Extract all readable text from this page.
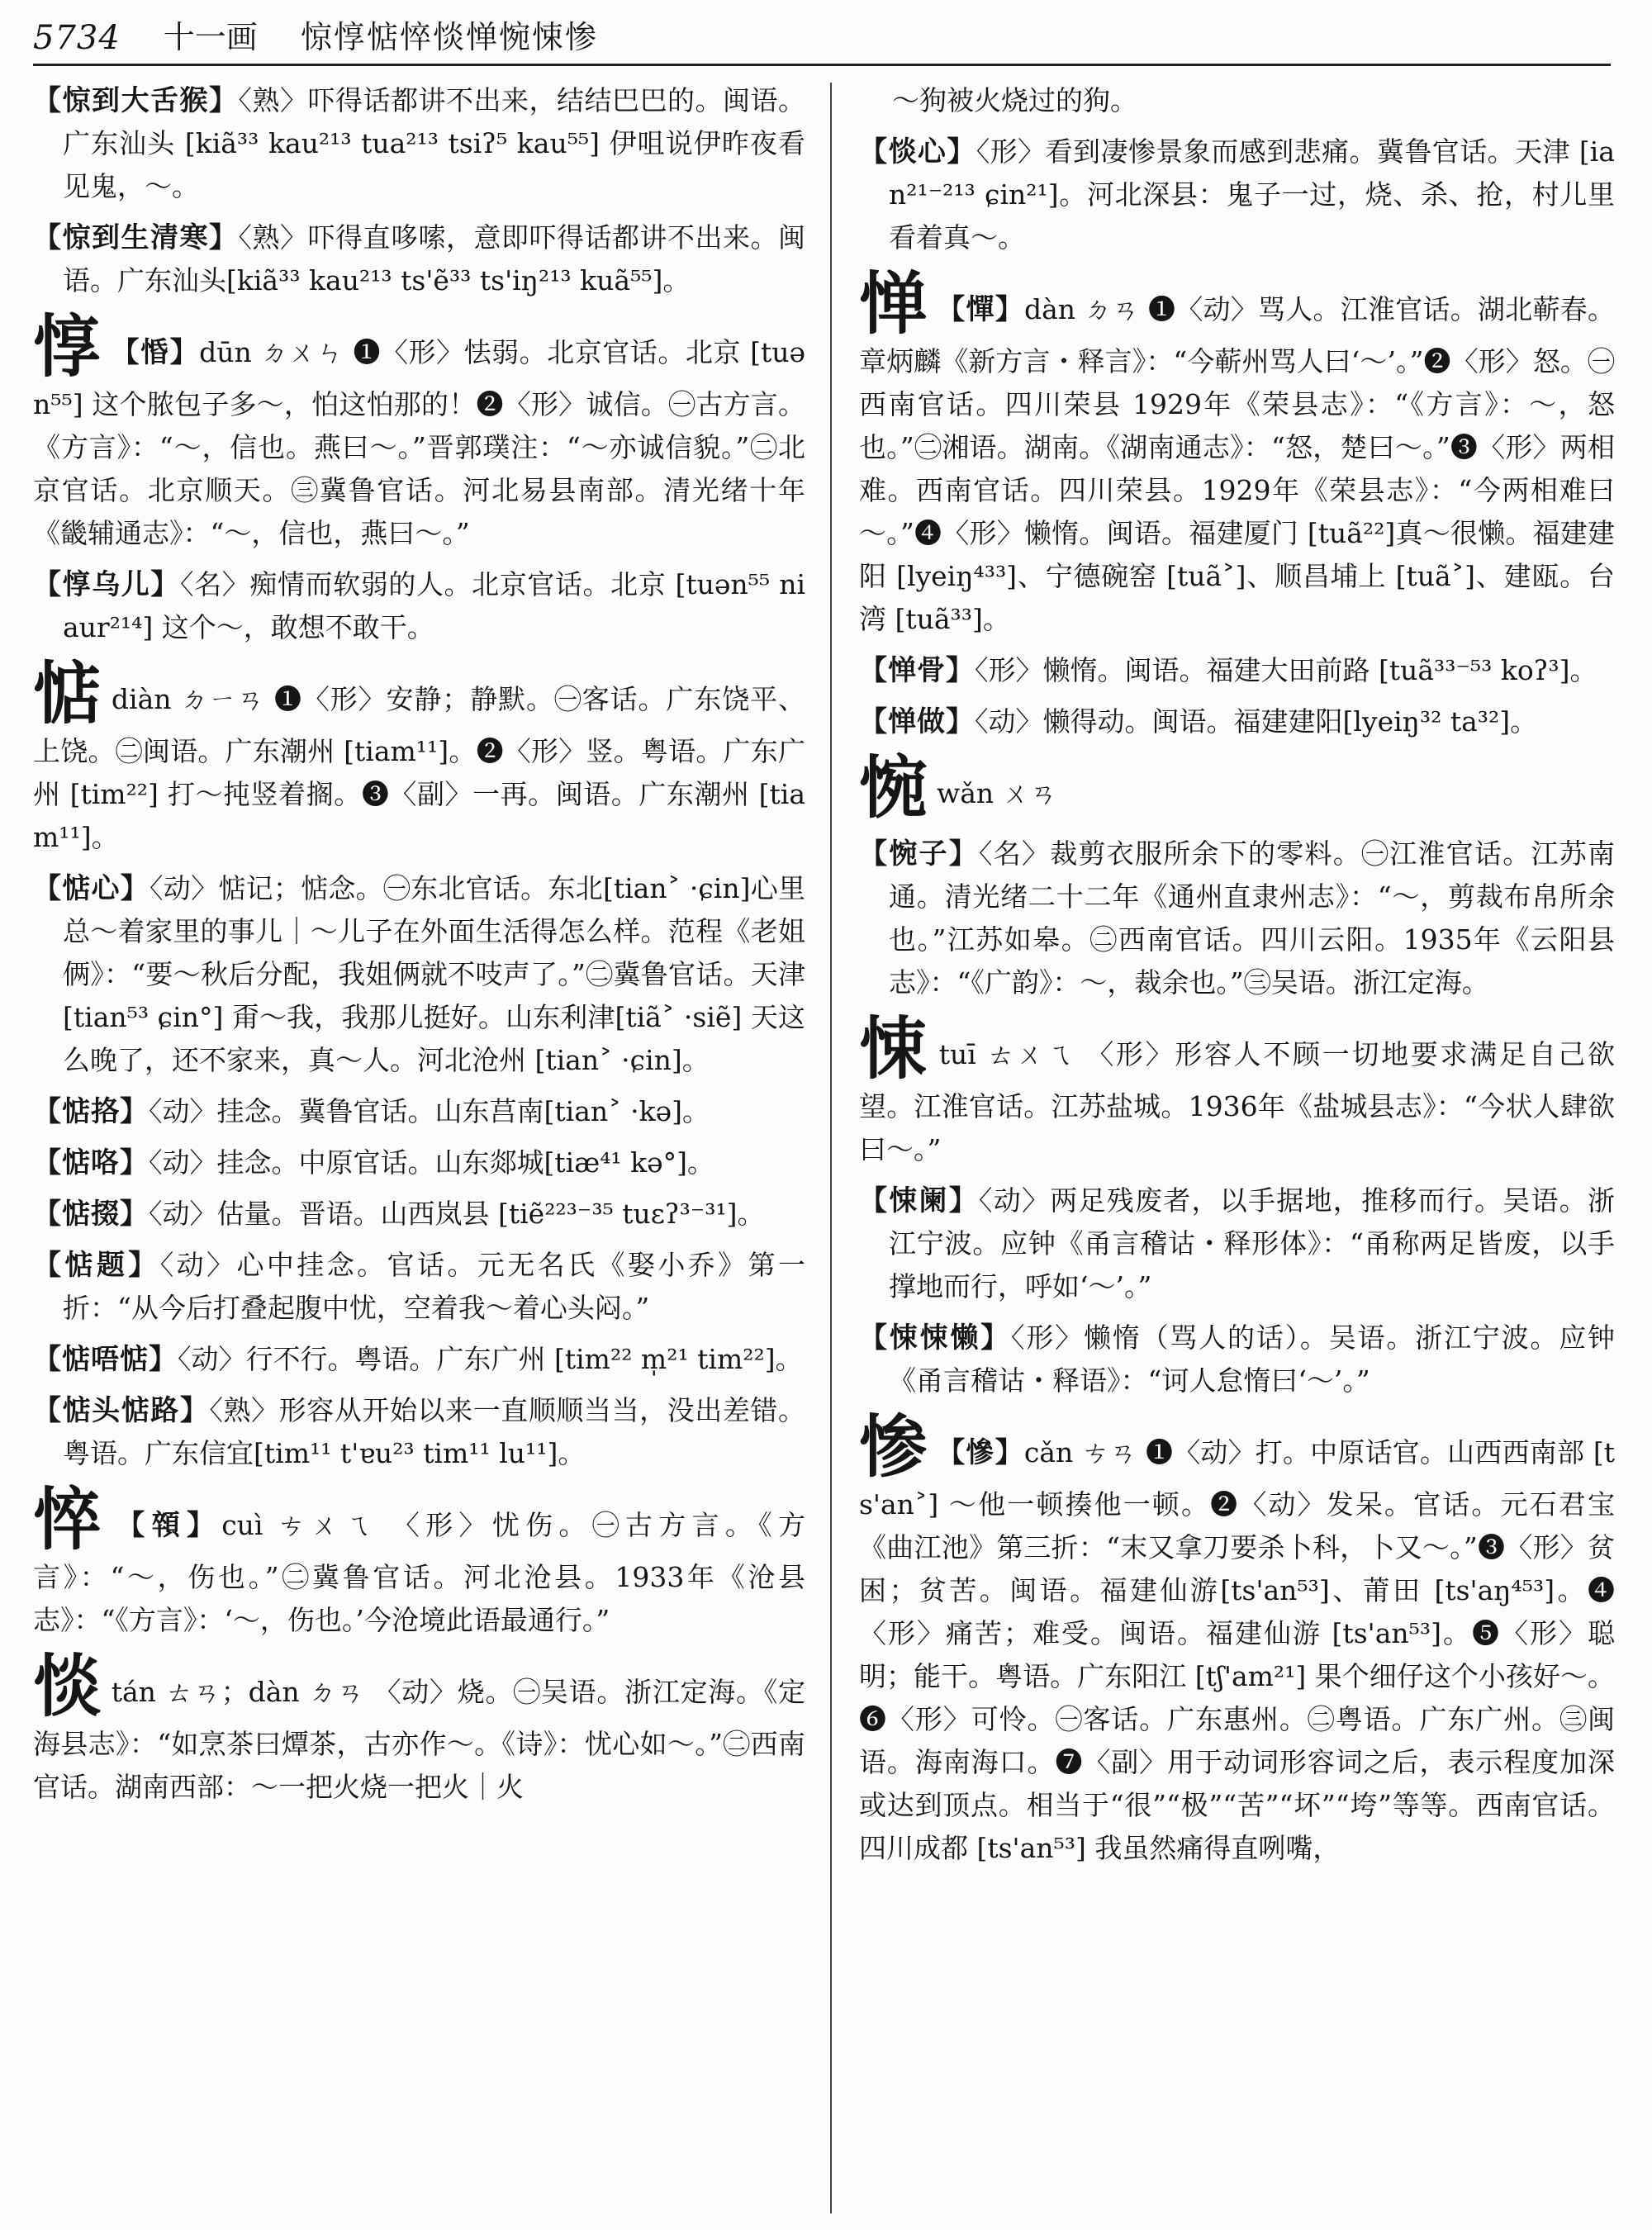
5734 十一画 惊惇惦悴惔惮惋悚惨
【惊到大舌猴】〈熟〉吓得话都讲不出来，结结巴巴的。闽语。广东汕头 [kiã³³ kau²¹³ tua²¹³ tsiʔ⁵ kau⁵⁵] 伊咀说伊昨夜看见鬼，～。
【惊到生清寒】〈熟〉吓得直哆嗦，意即吓得话都讲不出来。闽语。广东汕头[kiã³³ kau²¹³ ts'ẽ³³ ts'iŋ²¹³ kuã⁵⁵]。
惇 【惛】dūn ㄉㄨㄣ ❶〈形〉怯弱。北京官话。北京 [tuən⁵⁵] 这个脓包子多～，怕这怕那的！❷〈形〉诚信。㊀古方言。《方言》：“～，信也。燕曰～。”晋郭璞注：“～亦诚信貌。”㊁北京官话。北京顺天。㊂冀鲁官话。河北易县南部。清光绪十年《畿辅通志》：“～，信也，燕曰～。”
【惇乌儿】〈名〉痴情而软弱的人。北京官话。北京 [tuən⁵⁵ niaur²¹⁴] 这个～，敢想不敢干。
惦diàn ㄉㄧㄢ ❶〈形〉安静；静默。㊀客话。广东饶平、上饶。㊁闽语。广东潮州 [tiam¹¹]。❷〈形〉竖。粤语。广东广州 [tim²²] 打～扽竖着搁。❸〈副〉一再。闽语。广东潮州 [tiam¹¹]。
【惦心】〈动〉惦记；惦念。㊀东北官话。东北[tian˃ ·ɕin]心里总～着家里的事儿｜～儿子在外面生活得怎么样。范程《老姐俩》：“要～秋后分配，我姐俩就不吱声了。”㊁冀鲁官话。天津 [tian⁵³ ɕin°] 甭～我，我那儿挺好。山东利津[tiã˃ ·siẽ] 天这么晚了，还不家来，真～人。河北沧州 [tian˃ ·ɕin]。
【惦挌】〈动〉挂念。冀鲁官话。山东莒南[tian˃ ·kə]。
【惦咯】〈动〉挂念。中原官话。山东郯城[tiæ⁴¹ kə°]。
【惦掇】〈动〉估量。晋语。山西岚县 [tiẽ²²³⁻³⁵ tuɛʔ³⁻³¹]。
【惦题】〈动〉心中挂念。官话。元无名氏《娶小乔》第一折：“从今后打叠起腹中忧，空着我～着心头闷。”
【惦唔惦】〈动〉行不行。粤语。广东广州 [tim²² m̩²¹ tim²²]。
【惦头惦路】〈熟〉形容从开始以来一直顺顺当当，没出差错。粤语。广东信宜[tim¹¹ t'ɐu²³ tim¹¹ lu¹¹]。
悴 【顇】cuì ㄘㄨㄟ 〈形〉忧伤。㊀古方言。《方言》：“～，伤也。”㊁冀鲁官话。河北沧县。1933年《沧县志》：“《方言》：‘～，伤也。’今沧境此语最通行。”
惔tán ㄊㄢ；dàn ㄉㄢ 〈动〉烧。㊀吴语。浙江定海。《定海县志》：“如烹茶曰燂茶，古亦作～。《诗》：忧心如～。”㊁西南官话。湖南西部：～一把火烧一把火｜火
～狗被火烧过的狗。
【惔心】〈形〉看到凄惨景象而感到悲痛。冀鲁官话。天津 [ian²¹⁻²¹³ ɕin²¹]。河北深县：鬼子一过，烧、杀、抢，村儿里看着真～。
惮 【憚】dàn ㄉㄢ ❶〈动〉骂人。江淮官话。湖北蕲春。章炳麟《新方言・释言》：“今蕲州骂人曰‘～’。”❷〈形〉怒。㊀西南官话。四川荣县 1929年《荣县志》：“《方言》：～，怒也。”㊁湘语。湖南。《湖南通志》：“怒，楚曰～。”❸〈形〉两相难。西南官话。四川荣县。1929年《荣县志》：“今两相难曰～。”❹〈形〉懒惰。闽语。福建厦门 [tuã²²]真～很懒。福建建阳 [lyeiŋ⁴³³]、宁德碗窑 [tuã˃]、顺昌埔上 [tuã˃]、建瓯。台湾 [tuã³³]。
【惮骨】〈形〉懒惰。闽语。福建大田前路 [tuã³³⁻⁵³ koʔ³]。
【惮做】〈动〉懒得动。闽语。福建建阳[lyeiŋ³² ta³²]。
惋wǎn ㄨㄢ
【惋子】〈名〉裁剪衣服所余下的零料。㊀江淮官话。江苏南通。清光绪二十二年《通州直隶州志》：“～，剪裁布帛所余也。”江苏如皋。㊁西南官话。四川云阳。1935年《云阳县志》：“《广韵》：～，裁余也。”㊂吴语。浙江定海。
悚tuī ㄊㄨㄟ 〈形〉形容人不顾一切地要求满足自己欲望。江淮官话。江苏盐城。1936年《盐城县志》：“今状人肆欲曰～。”
【悚阑】〈动〉两足残废者，以手据地，推移而行。吴语。浙江宁波。应钟《甬言稽诂・释形体》：“甬称两足皆废，以手撑地而行，呼如‘～’。”
【悚悚懒】〈形〉懒惰（骂人的话）。吴语。浙江宁波。应钟《甬言稽诂・释语》：“诃人怠惰曰‘～’。”
惨 【慘】cǎn ㄘㄢ ❶〈动〉打。中原话官。山西西南部 [ts'an˃] ～他一顿揍他一顿。❷〈动〉发呆。官话。元石君宝《曲江池》第三折：“末又拿刀要杀卜科，卜又～。”❸〈形〉贫困；贫苦。闽语。福建仙游[ts'an⁵³]、莆田 [ts'aŋ⁴⁵³]。❹〈形〉痛苦；难受。闽语。福建仙游 [ts'an⁵³]。❺〈形〉聪明；能干。粤语。广东阳江 [tʃ'am²¹] 果个细仔这个小孩好～。❻〈形〉可怜。㊀客话。广东惠州。㊁粤语。广东广州。㊂闽语。海南海口。❼〈副〉用于动词形容词之后，表示程度加深或达到顶点。相当于“很”“极”“苦”“坏”“垮”等等。西南官话。四川成都 [ts'an⁵³] 我虽然痛得直咧嘴，
